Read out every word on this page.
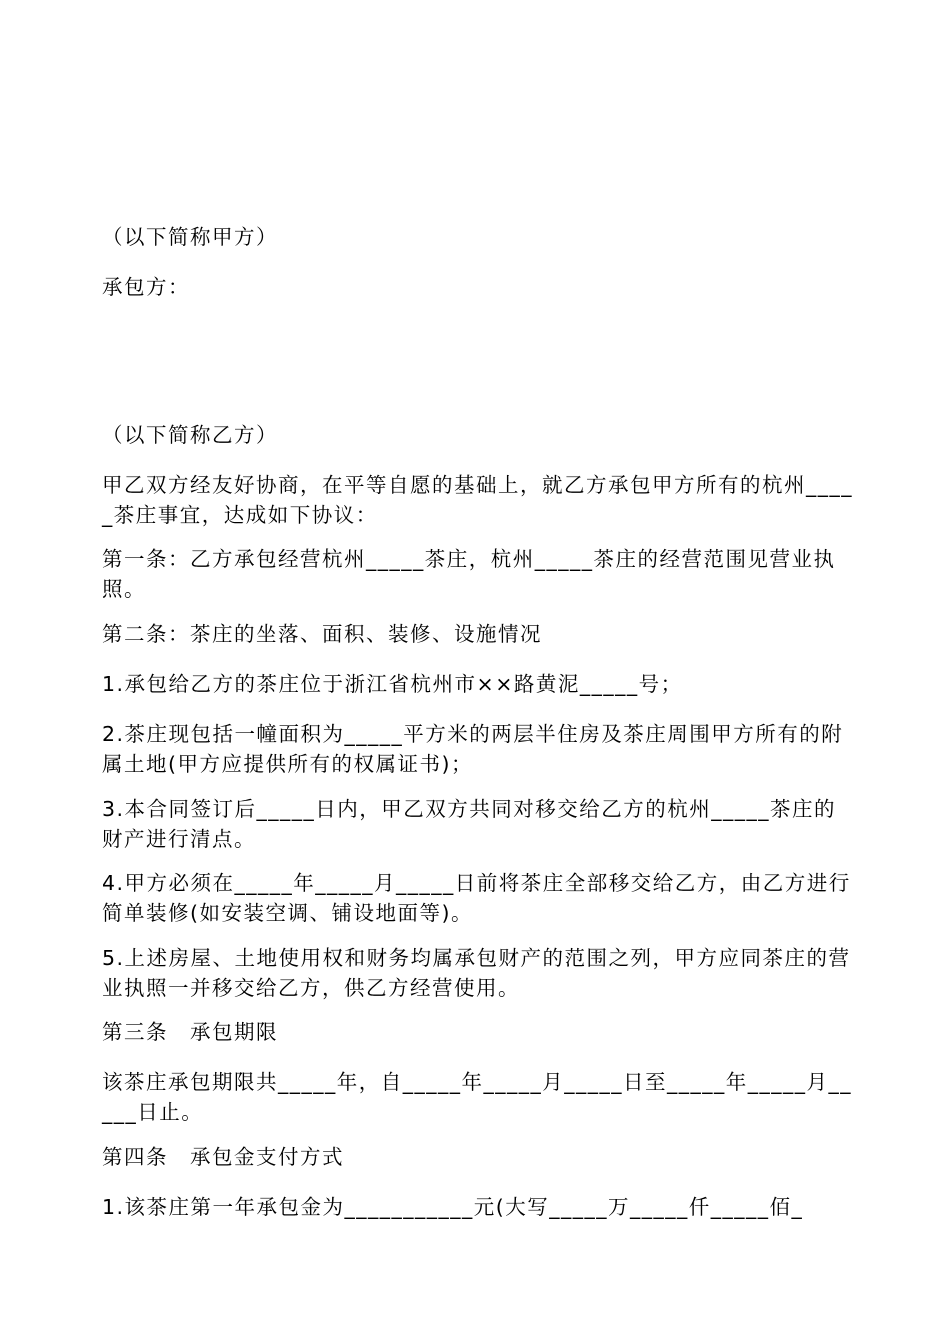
（以下简称甲方）

承包方：

（以下简称乙方）

甲乙双方经友好协商，在平等自愿的基础上，就乙方承包甲方所有的杭州_____茶庄事宜，达成如下协议：

第一条：乙方承包经营杭州_____茶庄，杭州_____茶庄的经营范围见营业执照。

第二条：茶庄的坐落、面积、装修、设施情况

1.承包给乙方的茶庄位于浙江省杭州市××路黄泥_____号；

2.茶庄现包括一幢面积为_____平方米的两层半住房及茶庄周围甲方所有的附属土地(甲方应提供所有的权属证书)；

3.本合同签订后_____日内，甲乙双方共同对移交给乙方的杭州_____茶庄的财产进行清点。

4.甲方必须在_____年_____月_____日前将茶庄全部移交给乙方，由乙方进行简单装修(如安装空调、铺设地面等)。

5.上述房屋、土地使用权和财务均属承包财产的范围之列，甲方应同茶庄的营业执照一并移交给乙方，供乙方经营使用。

第三条　承包期限

该茶庄承包期限共_____年，自_____年_____月_____日至_____年_____月_____日止。

第四条　承包金支付方式

1.该茶庄第一年承包金为___________元(大写_____万_____仟_____佰_
